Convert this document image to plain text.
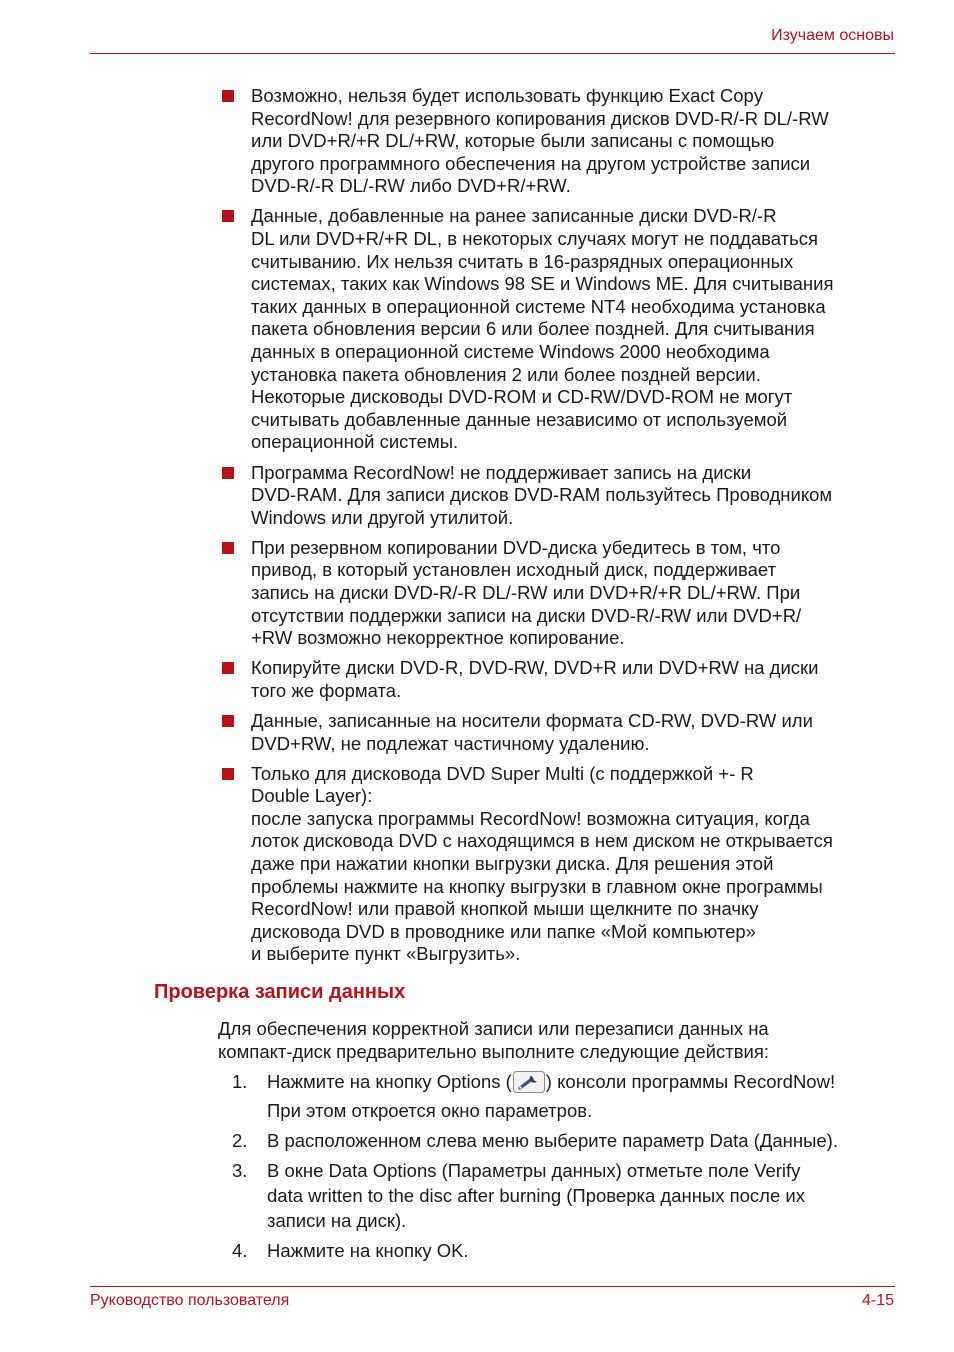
Изучаем основы
Возможно, нельзя будет использовать функцию Exact Copy
RecordNow! для резервного копирования дисков DVD-R/-R DL/-RW
или DVD+R/+R DL/+RW, которые были записаны с помощью
другого программного обеспечения на другом устройстве записи
DVD-R/-R DL/-RW либо DVD+R/+RW.
Данные, добавленные на ранее записанные диски DVD-R/-R
DL или DVD+R/+R DL, в некоторых случаях могут не поддаваться
считыванию. Их нельзя считать в 16-разрядных операционных
системах, таких как Windows 98 SE и Windows ME. Для считывания
таких данных в операционной системе NT4 необходима установка
пакета обновления версии 6 или более поздней. Для считывания
данных в операционной системе Windows 2000 необходима
установка пакета обновления 2 или более поздней версии.
Некоторые дисководы DVD-ROM и CD-RW/DVD-ROM не могут
считывать добавленные данные независимо от используемой
операционной системы.
Программа RecordNow! не поддерживает запись на диски
DVD-RAM. Для записи дисков DVD-RAM пользуйтесь Проводником
Windows или другой утилитой.
При резервном копировании DVD-диска убедитесь в том, что
привод, в который установлен исходный диск, поддерживает
запись на диски DVD-R/-R DL/-RW или DVD+R/+R DL/+RW. При
отсутствии поддержки записи на диски DVD-R/-RW или DVD+R/
+RW возможно некорректное копирование.
Копируйте диски DVD-R, DVD-RW, DVD+R или DVD+RW на диски
того же формата.
Данные, записанные на носители формата CD-RW, DVD-RW или
DVD+RW, не подлежат частичному удалению.
Только для дисковода DVD Super Multi (с поддержкой +- R
Double Layer):
после запуска программы RecordNow! возможна ситуация, когда
лоток дисковода DVD с находящимся в нем диском не открывается
даже при нажатии кнопки выгрузки диска. Для решения этой
проблемы нажмите на кнопку выгрузки в главном окне программы
RecordNow! или правой кнопкой мыши щелкните по значку
дисковода DVD в проводнике или папке «Мой компьютер»
и выберите пункт «Выгрузить».
Проверка записи данных
Для обеспечения корректной записи или перезаписи данных на
компакт-диск предварительно выполните следующие действия:
1. Нажмите на кнопку Options ( ) консоли программы RecordNow!
При этом откроется окно параметров.
2. В расположенном слева меню выберите параметр Data (Данные).
3. В окне Data Options (Параметры данных) отметьте поле Verify
data written to the disc after burning (Проверка данных после их
записи на диск).
4. Нажмите на кнопку OK.
Руководство пользователя	4-15
